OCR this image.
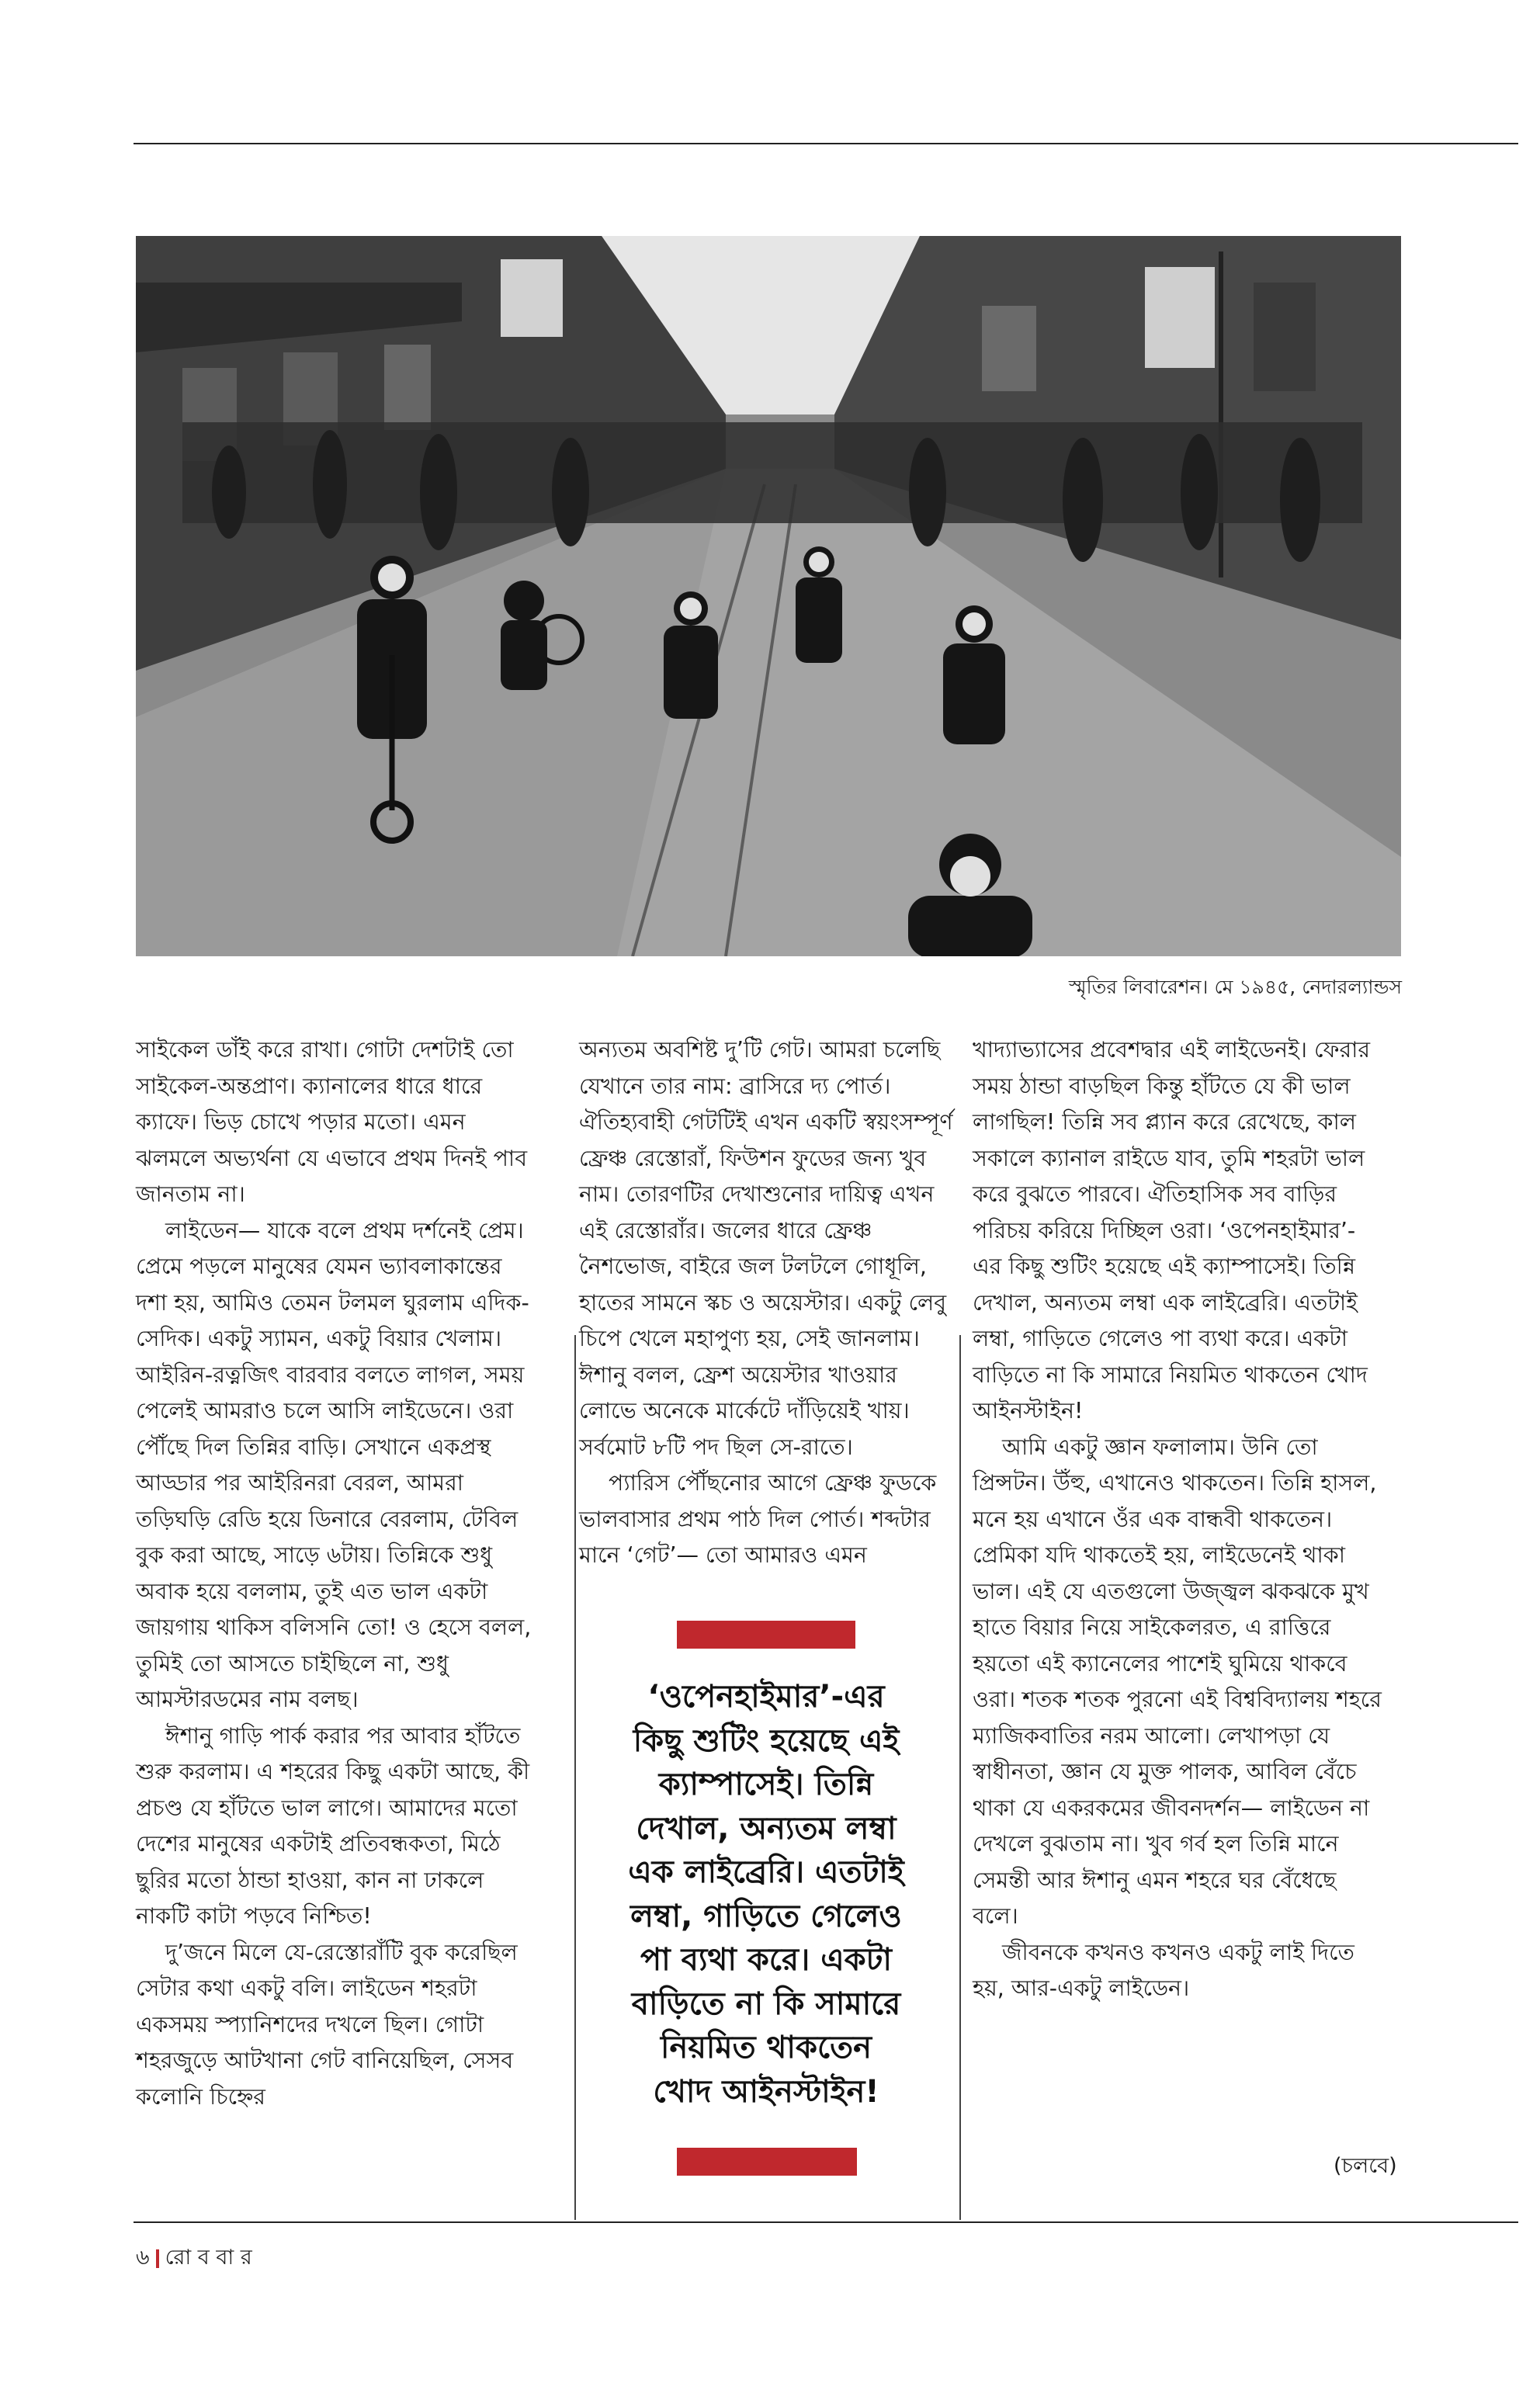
স্মৃতির লিবারেশন। মে ১৯৪৫, নেদারল্যান্ডস

সাইকেল ডাঁই করে রাখা। গোটা দেশটাই তো সাইকেল-অন্তপ্রাণ। ক্যানালের ধারে ধারে ক্যাফে। ভিড় চোখে পড়ার মতো। এমন ঝলমলে অভ্যর্থনা যে এভাবে প্রথম দিনই পাব জানতাম না।

লাইডেন— যাকে বলে প্রথম দর্শনেই প্রেম। প্রেমে পড়লে মানুষের যেমন ভ্যাবলাকান্তের দশা হয়, আমিও তেমন টলমল ঘুরলাম এদিক-সেদিক। একটু স্যামন, একটু বিয়ার খেলাম। আইরিন-রত্নজিৎ বারবার বলতে লাগল, সময় পেলেই আমরাও চলে আসি লাইডেনে। ওরা পৌঁছে দিল তিন্নির বাড়ি। সেখানে একপ্রস্থ আড্ডার পর আইরিনরা বেরল, আমরা তড়িঘড়ি রেডি হয়ে ডিনারে বেরলাম, টেবিল বুক করা আছে, সাড়ে ৬টায়। তিন্নিকে শুধু অবাক হয়ে বললাম, তুই এত ভাল একটা জায়গায় থাকিস বলিসনি তো! ও হেসে বলল, তুমিই তো আসতে চাইছিলে না, শুধু আমস্টারডমের নাম বলছ।

ঈশানু গাড়ি পার্ক করার পর আবার হাঁটতে শুরু করলাম। এ শহরের কিছু একটা আছে, কী প্রচণ্ড যে হাঁটতে ভাল লাগে। আমাদের মতো দেশের মানুষের একটাই প্রতিবন্ধকতা, মিঠে ছুরির মতো ঠান্ডা হাওয়া, কান না ঢাকলে নাকটি কাটা পড়বে নিশ্চিত!

দু’জনে মিলে যে-রেস্তোরাঁটি বুক করেছিল সেটার কথা একটু বলি। লাইডেন শহরটা একসময় স্প্যানিশদের দখলে ছিল। গোটা শহরজুড়ে আটখানা গেট বানিয়েছিল, সেসব কলোনি চিহ্নের

অন্যতম অবশিষ্ট দু’টি গেট। আমরা চলেছি যেখানে তার নাম: ব্রাসিরে দ্য পোর্ত। ঐতিহ্যবাহী গেটটিই এখন একটি স্বয়ংসম্পূর্ণ ফ্রেঞ্চ রেস্তোরাঁ, ফিউশন ফুডের জন্য খুব নাম। তোরণটির দেখাশুনোর দায়িত্ব এখন এই রেস্তোরাঁর। জলের ধারে ফ্রেঞ্চ নৈশভোজ, বাইরে জল টলটলে গোধূলি, হাতের সামনে স্কচ ও অয়েস্টার। একটু লেবু চিপে খেলে মহাপুণ্য হয়, সেই জানলাম। ঈশানু বলল, ফ্রেশ অয়েস্টার খাওয়ার লোভে অনেকে মার্কেটে দাঁড়িয়েই খায়। সর্বমোট ৮টি পদ ছিল সে-রাতে।

প্যারিস পৌঁছনোর আগে ফ্রেঞ্চ ফুডকে ভালবাসার প্রথম পাঠ দিল পোর্ত। শব্দটার মানে ‘গেট’— তো আমারও এমন

খাদ্যাভ্যাসের প্রবেশদ্বার এই লাইডেনই। ফেরার সময় ঠান্ডা বাড়ছিল কিন্তু হাঁটতে যে কী ভাল লাগছিল! তিন্নি সব প্ল্যান করে রেখেছে, কাল সকালে ক্যানাল রাইডে যাব, তুমি শহরটা ভাল করে বুঝতে পারবে। ঐতিহাসিক সব বাড়ির পরিচয় করিয়ে দিচ্ছিল ওরা। ‘ওপেনহাইমার’-এর কিছু শুটিং হয়েছে এই ক্যাম্পাসেই। তিন্নি দেখাল, অন্যতম লম্বা এক লাইব্রেরি। এতটাই লম্বা, গাড়িতে গেলেও পা ব্যথা করে। একটা বাড়িতে না কি সামারে নিয়মিত থাকতেন খোদ আইনস্টাইন!

আমি একটু জ্ঞান ফলালাম। উনি তো প্রিন্সটন। উঁহু, এখানেও থাকতেন। তিন্নি হাসল, মনে হয় এখানে ওঁর এক বান্ধবী থাকতেন। প্রেমিকা যদি থাকতেই হয়, লাইডেনেই থাকা ভাল। এই যে এতগুলো উজ্জ্বল ঝকঝকে মুখ হাতে বিয়ার নিয়ে সাইকেলরত, এ রাত্তিরে হয়তো এই ক্যানেলের পাশেই ঘুমিয়ে থাকবে ওরা। শতক শতক পুরনো এই বিশ্ববিদ্যালয় শহরে ম্যাজিকবাতির নরম আলো। লেখাপড়া যে স্বাধীনতা, জ্ঞান যে মুক্ত পালক, আবিল বেঁচে থাকা যে একরকমের জীবনদর্শন— লাইডেন না দেখলে বুঝতাম না। খুব গর্ব হল তিন্নি মানে সেমন্তী আর ঈশানু এমন শহরে ঘর বেঁধেছে বলে।

জীবনকে কখনও কখনও একটু লাই দিতে হয়, আর-একটু লাইডেন।

‘ওপেনহাইমার’-এর
কিছু শুটিং হয়েছে এই
ক্যাম্পাসেই। তিন্নি
দেখাল, অন্যতম লম্বা
এক লাইব্রেরি। এতটাই
লম্বা, গাড়িতে গেলেও
পা ব্যথা করে। একটা
বাড়িতে না কি সামারে
নিয়মিত থাকতেন
খোদ আইনস্টাইন!
(চলবে)
৬ রো ব বা র
